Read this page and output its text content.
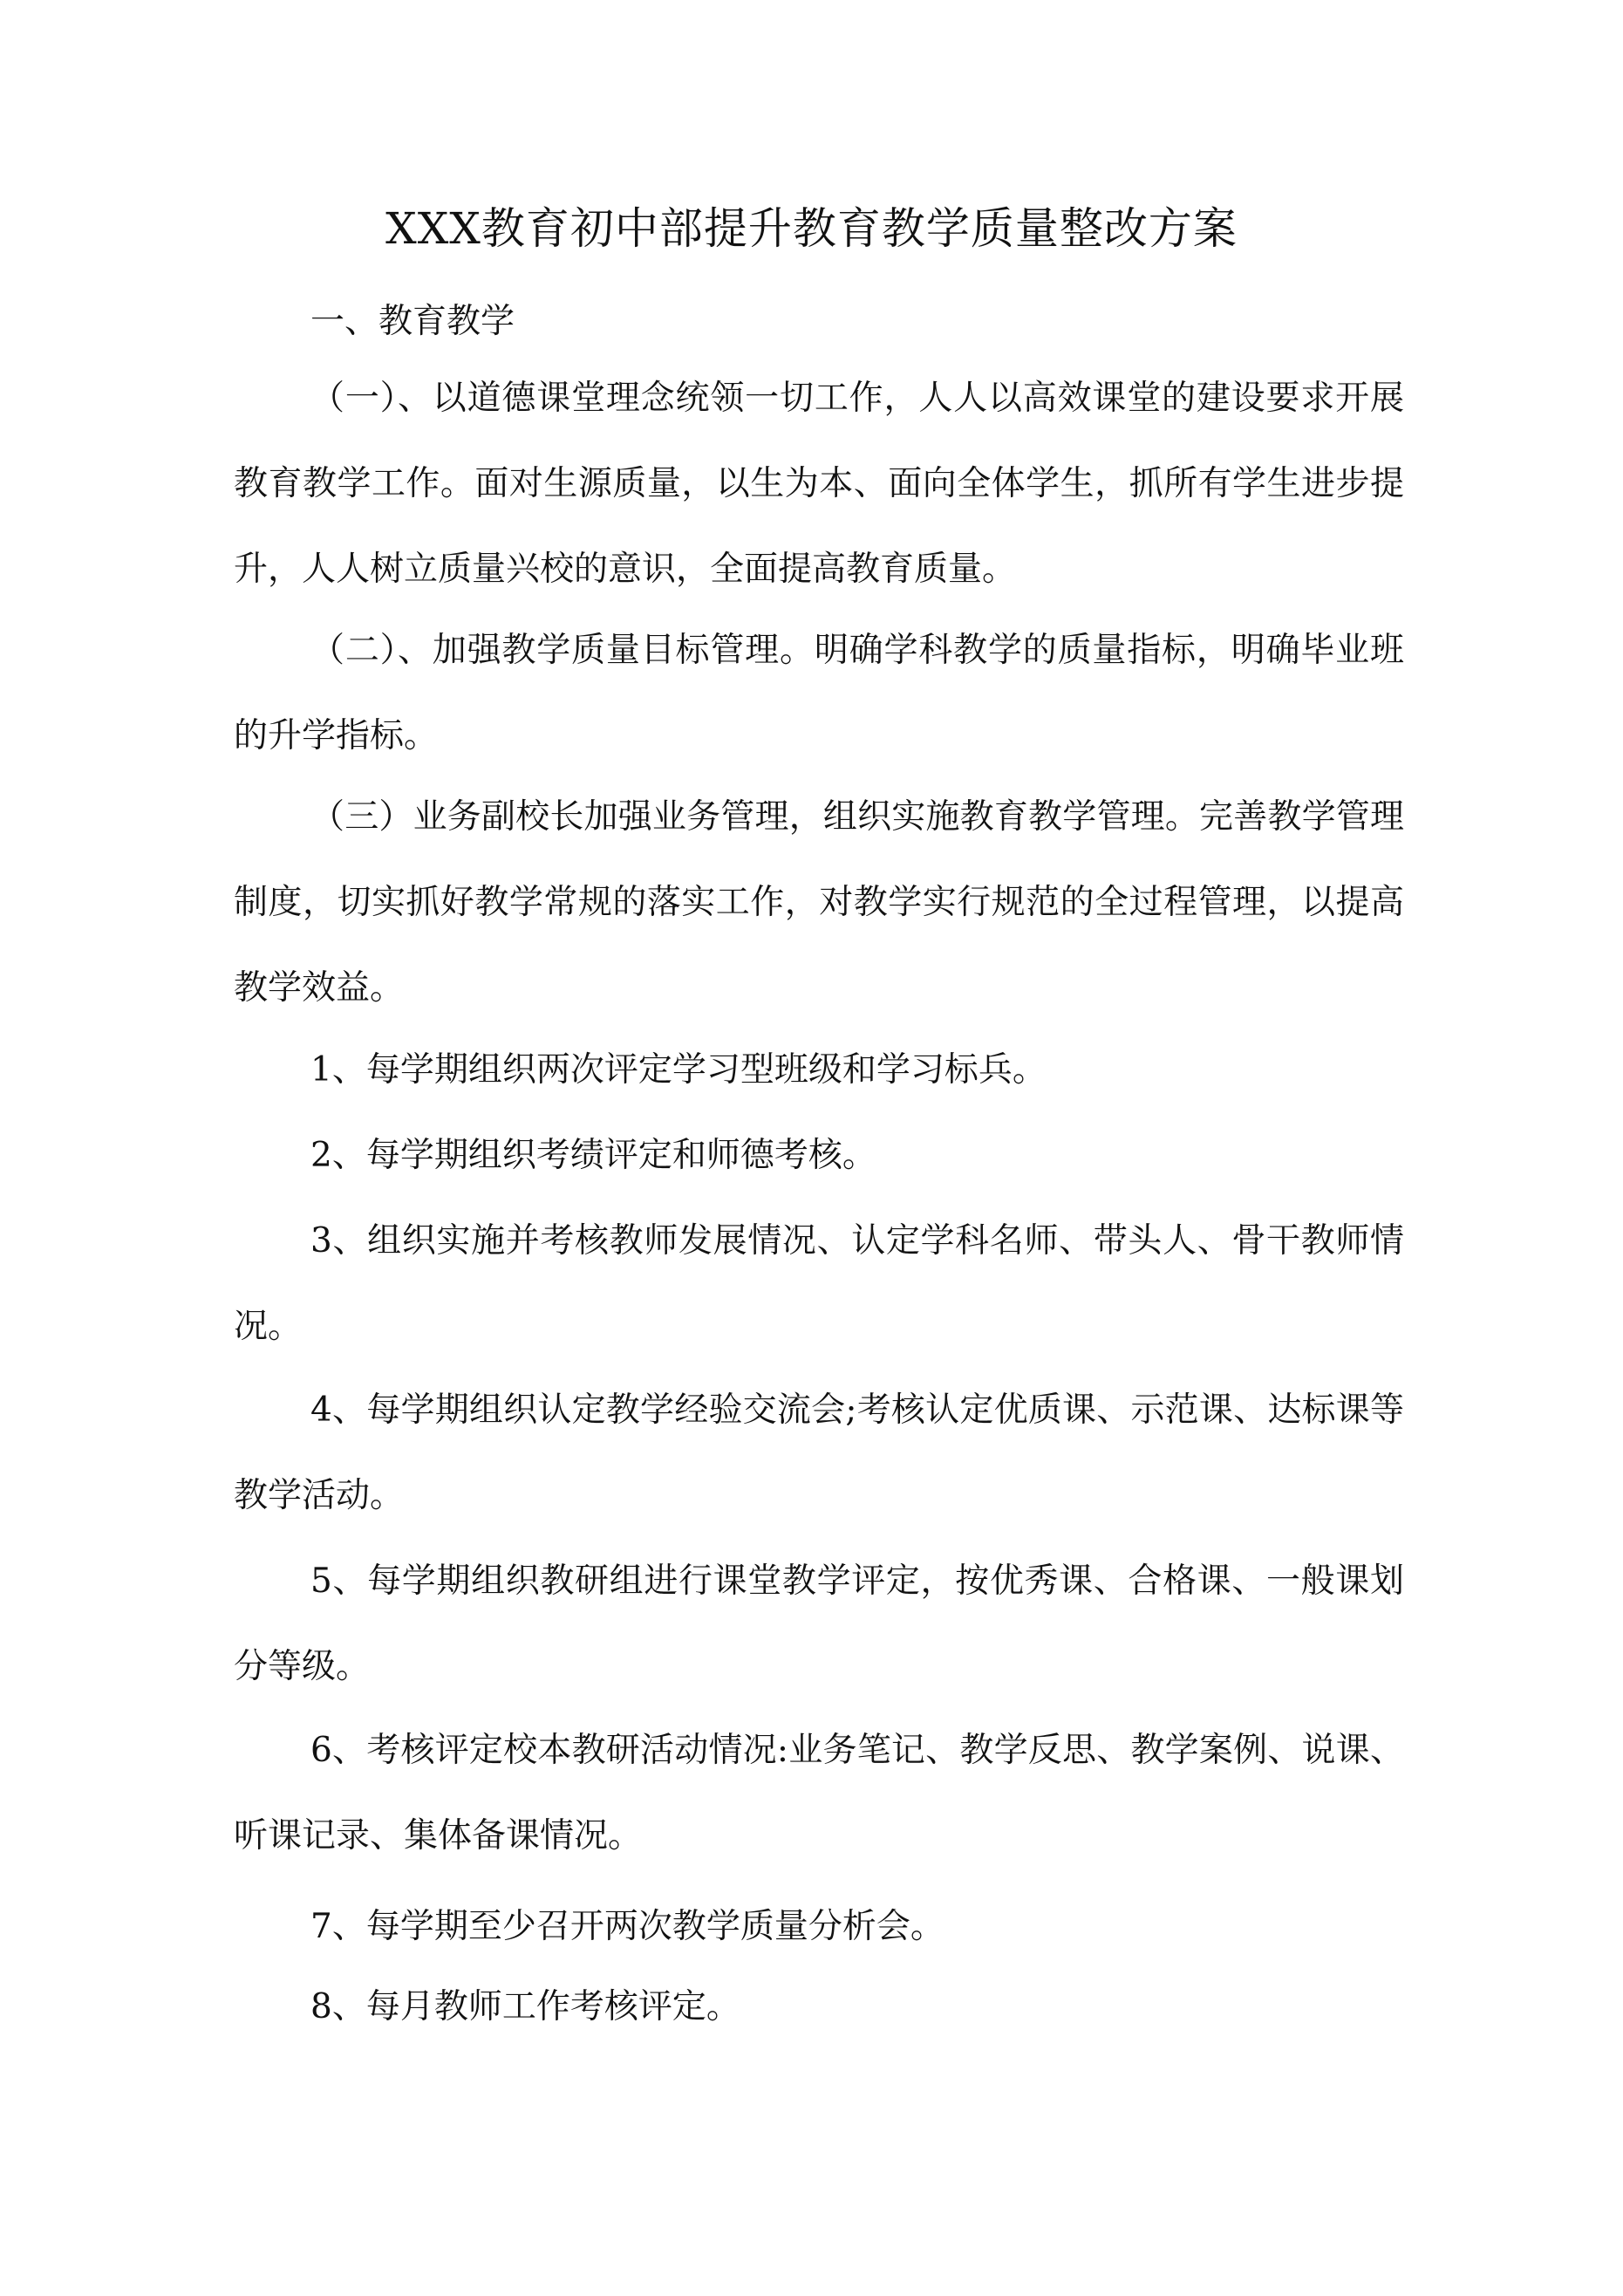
XXX教育初中部提升教育教学质量整改方案

一、教育教学

（一）、以道德课堂理念统领一切工作，人人以高效课堂的建设要求开展教育教学工作。面对生源质量，以生为本、面向全体学生，抓所有学生进步提升，人人树立质量兴校的意识，全面提高教育质量。

（二）、加强教学质量目标管理。明确学科教学的质量指标，明确毕业班的升学指标。

（三）业务副校长加强业务管理，组织实施教育教学管理。完善教学管理制度，切实抓好教学常规的落实工作，对教学实行规范的全过程管理，以提高教学效益。

1、每学期组织两次评定学习型班级和学习标兵。

2、每学期组织考绩评定和师德考核。

3、组织实施并考核教师发展情况、认定学科名师、带头人、骨干教师情况。

4、每学期组织认定教学经验交流会;考核认定优质课、示范课、达标课等教学活动。

5、每学期组织教研组进行课堂教学评定，按优秀课、合格课、一般课划分等级。

6、考核评定校本教研活动情况:业务笔记、教学反思、教学案例、说课、听课记录、集体备课情况。

7、每学期至少召开两次教学质量分析会。

8、每月教师工作考核评定。
